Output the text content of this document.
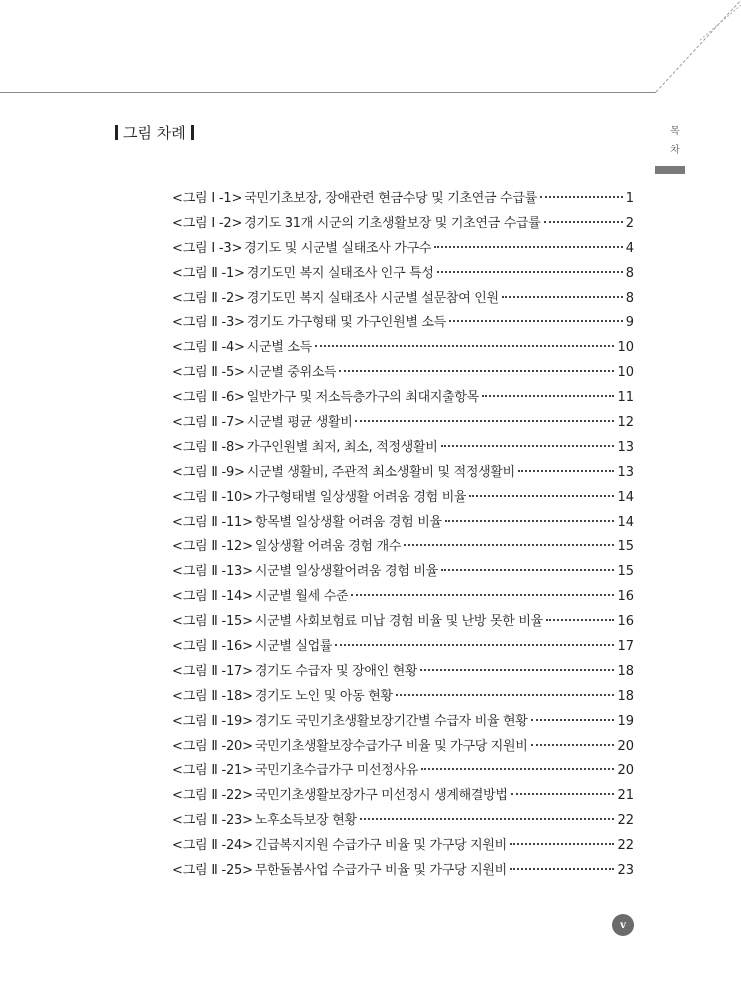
목
차
그림 차례
<그림 Ⅰ -1> 국민기초보장, 장애관련 현금수당 및 기초연금 수급률	1
<그림 Ⅰ -2> 경기도 31개 시군의 기초생활보장 및 기초연금 수급률	2
<그림 Ⅰ -3> 경기도 및 시군별 실태조사 가구수	4
<그림 Ⅱ -1> 경기도민 복지 실태조사 인구 특성	8
<그림 Ⅱ -2> 경기도민 복지 실태조사 시군별 설문참여 인원	8
<그림 Ⅱ -3> 경기도 가구형태 및 가구인원별 소득	9
<그림 Ⅱ -4> 시군별 소득	10
<그림 Ⅱ -5> 시군별 중위소득	10
<그림 Ⅱ -6> 일반가구 및 저소득층가구의 최대지출항목	11
<그림 Ⅱ -7> 시군별 평균 생활비	12
<그림 Ⅱ -8> 가구인원별 최저, 최소, 적정생활비	13
<그림 Ⅱ -9> 시군별 생활비, 주관적 최소생활비 및 적정생활비	13
<그림 Ⅱ -10> 가구형태별 일상생활 어려움 경험 비율	14
<그림 Ⅱ -11> 항목별 일상생활 어려움 경험 비율	14
<그림 Ⅱ -12> 일상생활 어려움 경험 개수	15
<그림 Ⅱ -13> 시군별 일상생활어려움 경험 비율	15
<그림 Ⅱ -14> 시군별 월세 수준	16
<그림 Ⅱ -15> 시군별 사회보험료 미납 경험 비율 및 난방 못한 비율	16
<그림 Ⅱ -16> 시군별 실업률	17
<그림 Ⅱ -17> 경기도 수급자 및 장애인 현황	18
<그림 Ⅱ -18> 경기도 노인 및 아동 현황	18
<그림 Ⅱ -19> 경기도 국민기초생활보장기간별 수급자 비율 현황	19
<그림 Ⅱ -20> 국민기초생활보장수급가구 비율 및 가구당 지원비	20
<그림 Ⅱ -21> 국민기초수급가구 미선정사유	20
<그림 Ⅱ -22> 국민기초생활보장가구 미선정시 생계해결방법	21
<그림 Ⅱ -23> 노후소득보장 현황	22
<그림 Ⅱ -24> 긴급복지지원 수급가구 비율 및 가구당 지원비	22
<그림 Ⅱ -25> 무한돌봄사업 수급가구 비율 및 가구당 지원비	23
v
